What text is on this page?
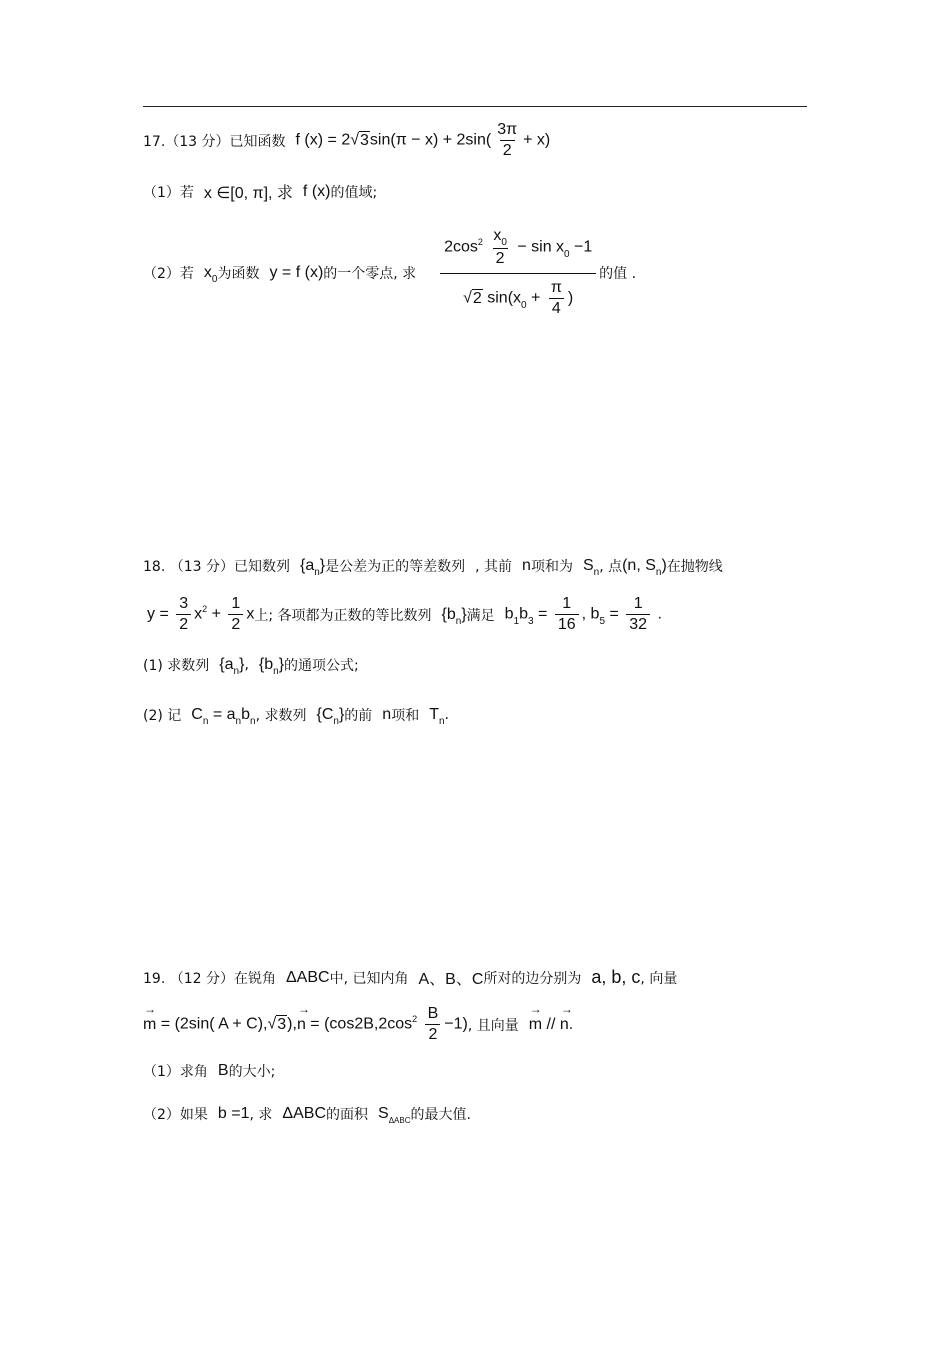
17.（13 分）已知函数 f $(x) = 2√3\sin(\pi - x) + 2\sin( \frac{3\pi}{2} + x)$
（1）若 x ∈[0, π], 求 f (x) 的值域;
（2）若 $x_0$ 为函数 y = f (x) 的一个零点, 求 $\frac{2\cos^2 \frac{x_0}{2} - \sin x_0 -1}{√2 \sin(x_0 + \frac{\pi}{4} )}$ 的值 .
18. （13 分）已知数列 $\{a_n\}$ 是公差为正的等差数列 , 其前 n 项和为 $S_n$ , 点 (n, $S_n$) 在抛物线
$y = \frac{3}{2} x^2 + \frac{1}{2}$ x 上; 各项都为正数的等比数列 $\{b_n\}$ 满足 $b_1b_3 = \frac{1}{16}$ , $b_5 = \frac{1}{32}$ .
(1) 求数列 $\{a_n\}$ , $\{b_n\}$ 的通项公式;
(2) 记 $C_n = a_nb_n$ , 求数列 $\{C_n\}$ 的前 n 项和 $T_n$ .
19. （12 分）在锐角 ΔABC 中, 已知内角 A、B、C 所对的边分别为 a, b, c , 向量
→ m = (2sin( $A + C),√3),\to n = (\cos 2B,2\cos^2 \frac{B}{2} -1)$ , 且向量
→ m // → n .
（1）求角 B 的大小;
（2）如果 b =1 , 求 ΔABC 的面积 $S_{\Delta ABC}$ 的最大值.
